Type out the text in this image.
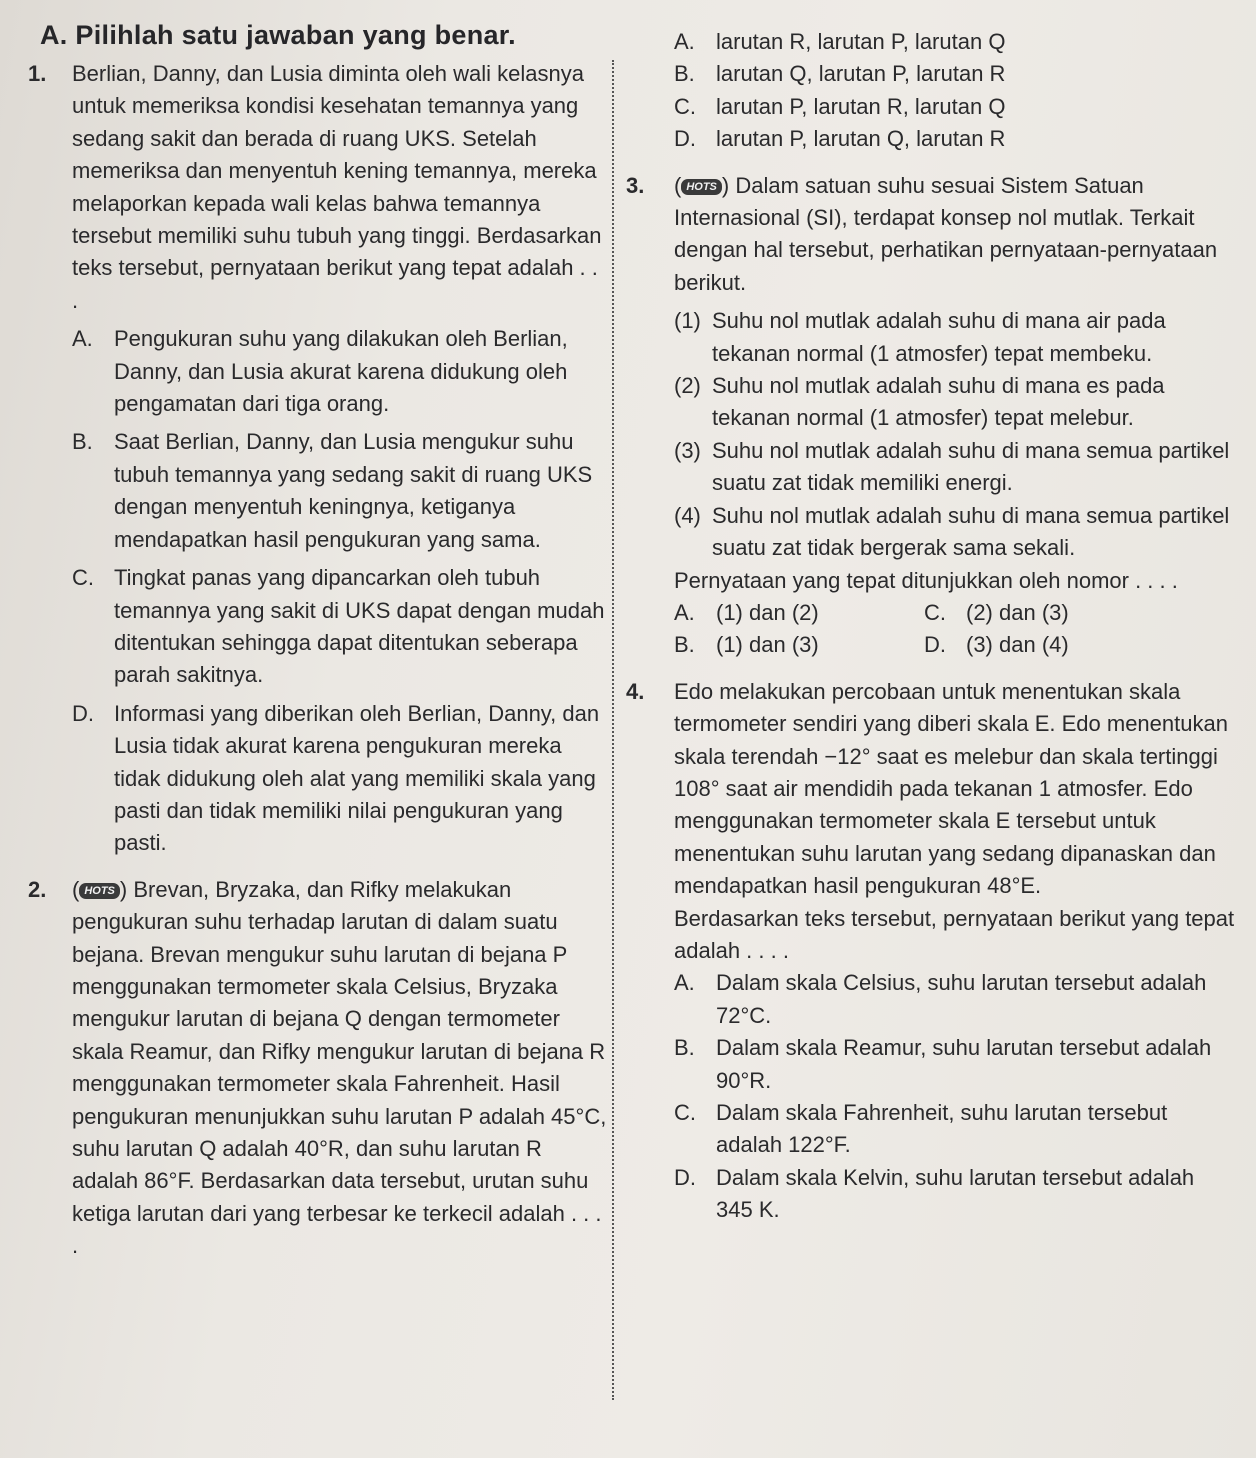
A. Pilihlah satu jawaban yang benar.
1. Berlian, Danny, dan Lusia diminta oleh wali kelasnya untuk memeriksa kondisi kesehatan temannya yang sedang sakit dan berada di ruang UKS. Setelah memeriksa dan menyentuh kening temannya, mereka melaporkan kepada wali kelas bahwa temannya tersebut memiliki suhu tubuh yang tinggi. Berdasarkan teks tersebut, pernyataan berikut yang tepat adalah . . .
A. Pengukuran suhu yang dilakukan oleh Berlian, Danny, dan Lusia akurat karena didukung oleh pengamatan dari tiga orang.
B. Saat Berlian, Danny, dan Lusia mengukur suhu tubuh temannya yang sedang sakit di ruang UKS dengan menyentuh keningnya, ketiganya mendapatkan hasil pengukuran yang sama.
C. Tingkat panas yang dipancarkan oleh tubuh temannya yang sakit di UKS dapat dengan mudah ditentukan sehingga dapat ditentukan seberapa parah sakitnya.
D. Informasi yang diberikan oleh Berlian, Danny, dan Lusia tidak akurat karena pengukuran mereka tidak didukung oleh alat yang memiliki skala yang pasti dan tidak memiliki nilai pengukuran yang pasti.
2. ( HOTS ) Brevan, Bryzaka, dan Rifky melakukan pengukuran suhu terhadap larutan di dalam suatu bejana. Brevan mengukur suhu larutan di bejana P menggunakan termometer skala Celsius, Bryzaka mengukur larutan di bejana Q dengan termometer skala Reamur, dan Rifky mengukur larutan di bejana R menggunakan termometer skala Fahrenheit. Hasil pengukuran menunjukkan suhu larutan P adalah 45°C, suhu larutan Q adalah 40°R, dan suhu larutan R adalah 86°F. Berdasarkan data tersebut, urutan suhu ketiga larutan dari yang terbesar ke terkecil adalah . . . .
A. larutan R, larutan P, larutan Q
B. larutan Q, larutan P, larutan R
C. larutan P, larutan R, larutan Q
D. larutan P, larutan Q, larutan R
3. ( HOTS ) Dalam satuan suhu sesuai Sistem Satuan Internasional (SI), terdapat konsep nol mutlak. Terkait dengan hal tersebut, perhatikan pernyataan-pernyataan berikut.
(1) Suhu nol mutlak adalah suhu di mana air pada tekanan normal (1 atmosfer) tepat membeku.
(2) Suhu nol mutlak adalah suhu di mana es pada tekanan normal (1 atmosfer) tepat melebur.
(3) Suhu nol mutlak adalah suhu di mana semua partikel suatu zat tidak memiliki energi.
(4) Suhu nol mutlak adalah suhu di mana semua partikel suatu zat tidak bergerak sama sekali.
Pernyataan yang tepat ditunjukkan oleh nomor . . . .
A. (1) dan (2)	C. (2) dan (3)
B. (1) dan (3)	D. (3) dan (4)
4. Edo melakukan percobaan untuk menentukan skala termometer sendiri yang diberi skala E. Edo menentukan skala terendah −12° saat es melebur dan skala tertinggi 108° saat air mendidih pada tekanan 1 atmosfer. Edo menggunakan termometer skala E tersebut untuk menentukan suhu larutan yang sedang dipanaskan dan mendapatkan hasil pengukuran 48°E.
Berdasarkan teks tersebut, pernyataan berikut yang tepat adalah . . . .
A. Dalam skala Celsius, suhu larutan tersebut adalah 72°C.
B. Dalam skala Reamur, suhu larutan tersebut adalah 90°R.
C. Dalam skala Fahrenheit, suhu larutan tersebut adalah 122°F.
D. Dalam skala Kelvin, suhu larutan tersebut adalah 345 K.
